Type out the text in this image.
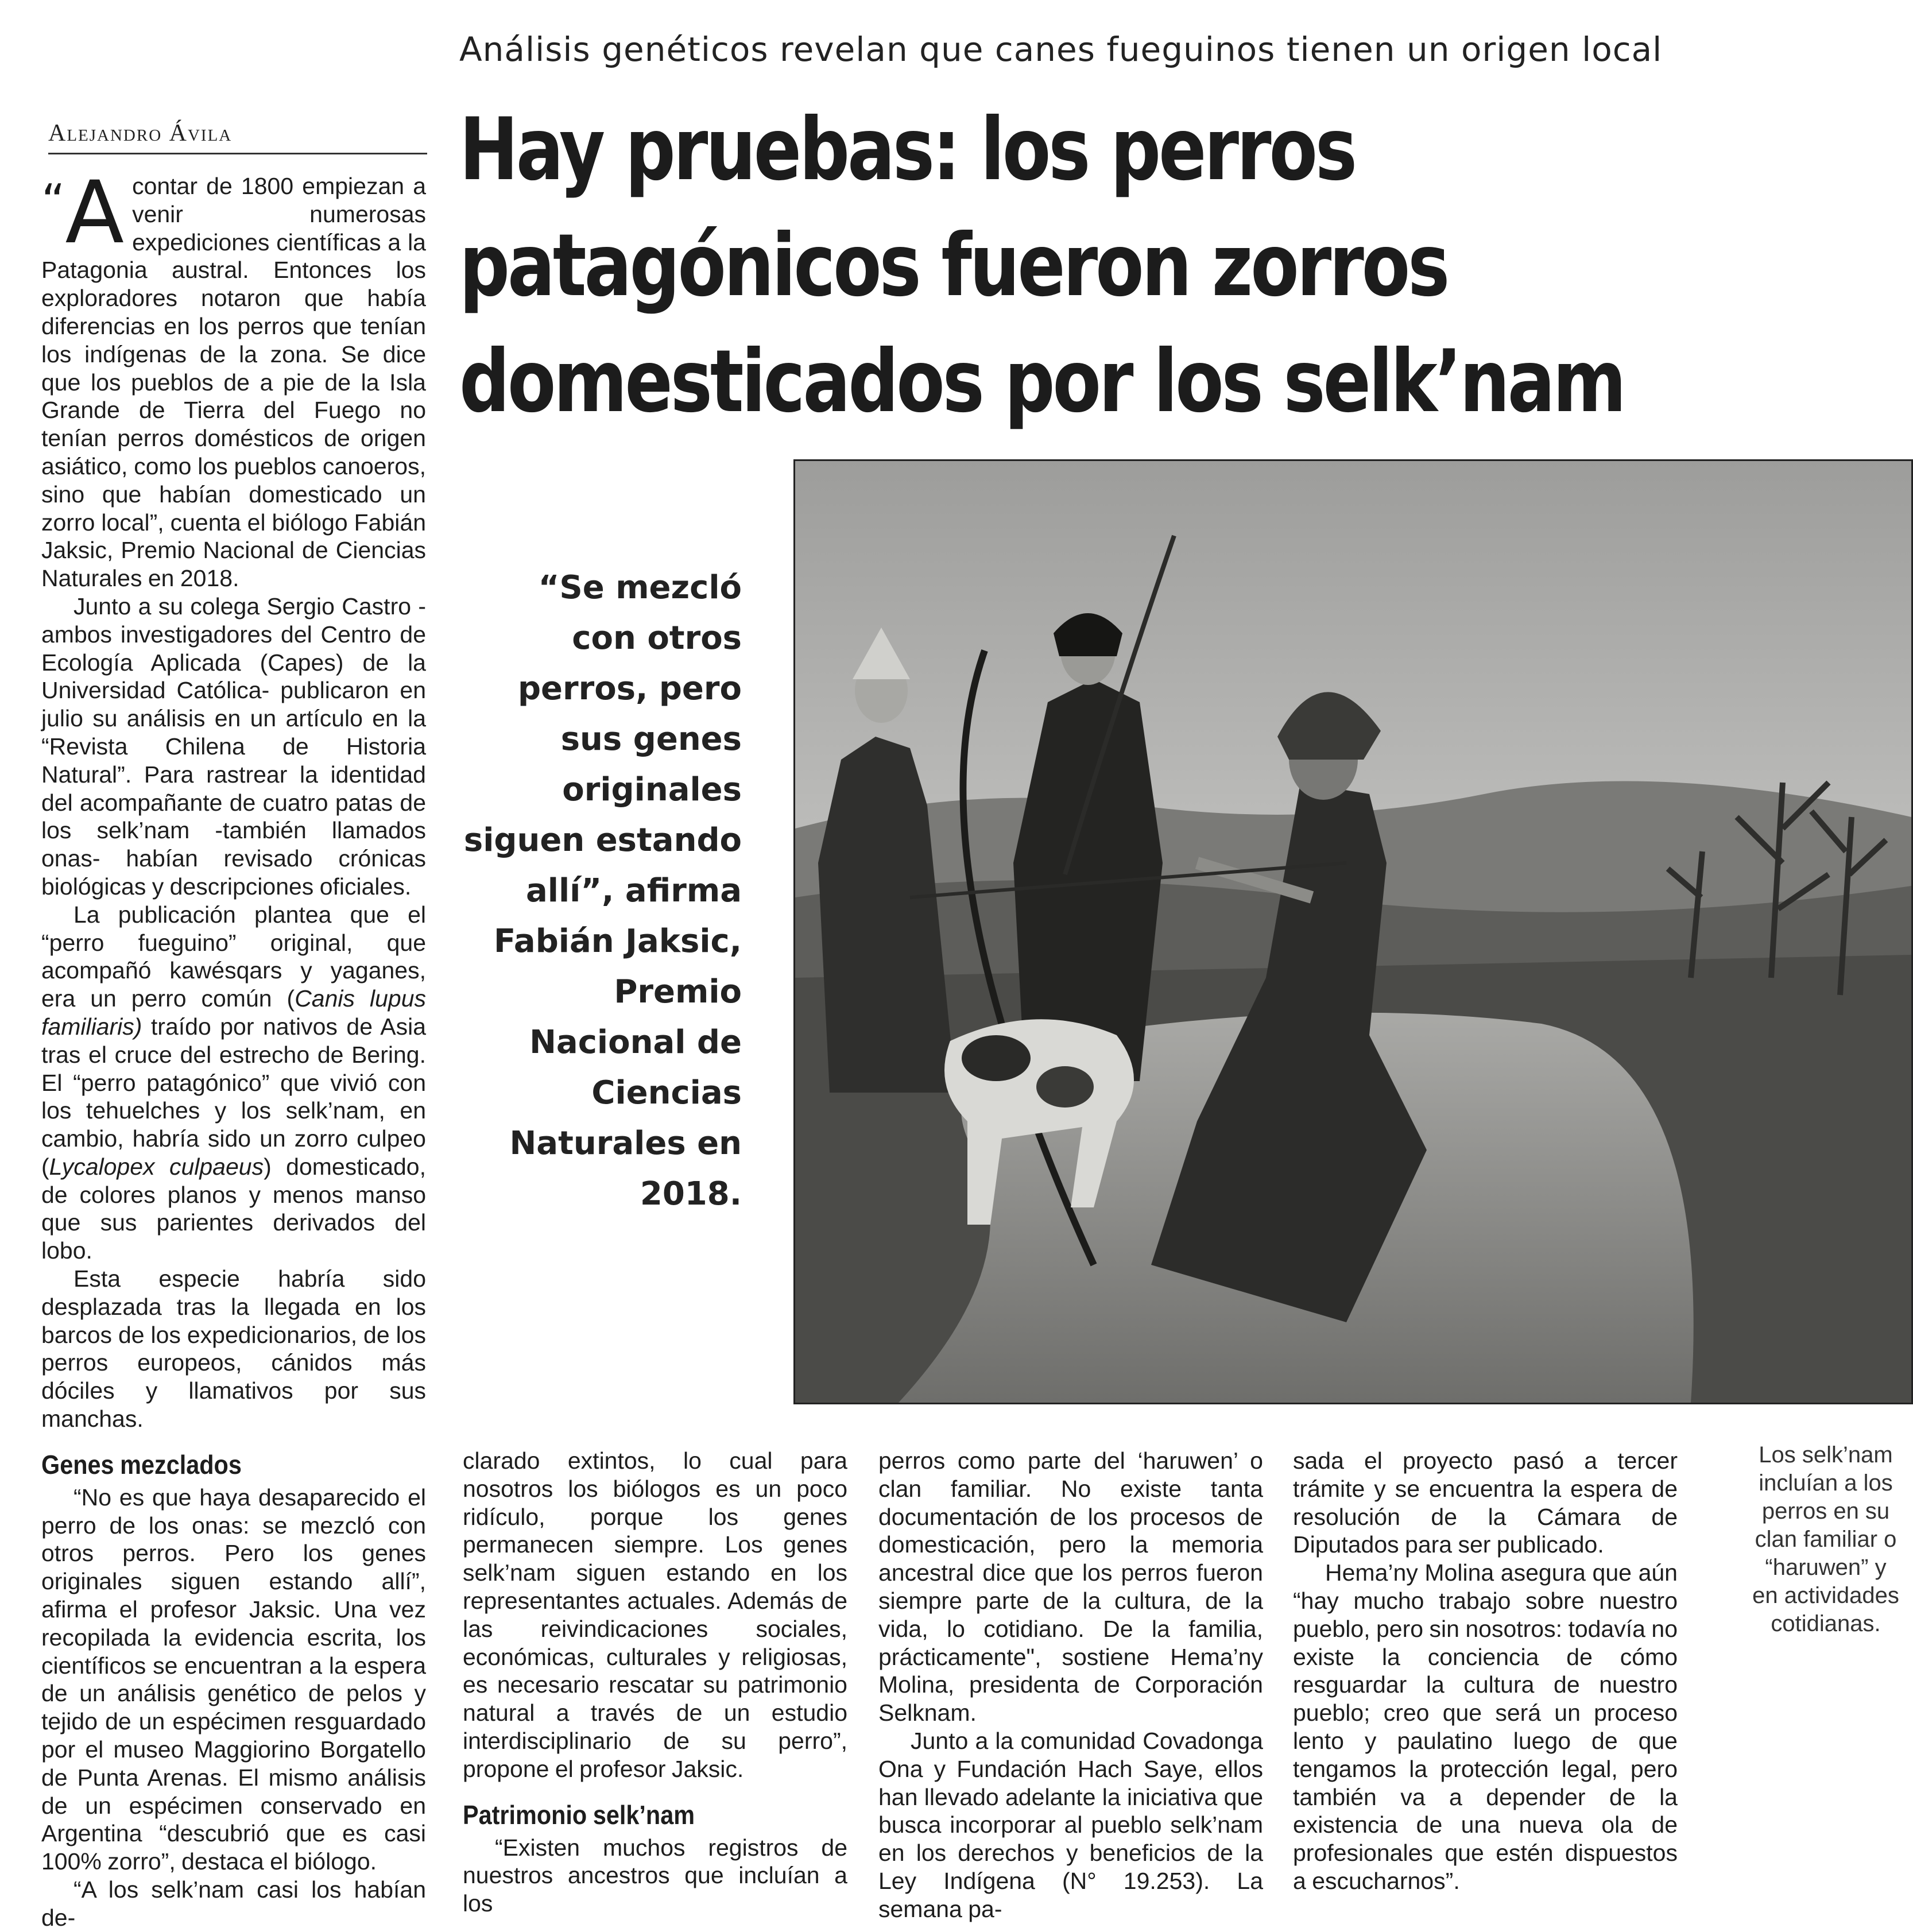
Análisis genéticos revelan que canes fueguinos tienen un origen local
Hay pruebas: los perros
patagónicos fueron zorros
domesticados por los selk’nam
Alejandro Ávila

“A contar de 1800 empiezan a venir numerosas expediciones científicas a la Patagonia austral. Entonces los exploradores notaron que había diferencias en los perros que tenían los indígenas de la zona. Se dice que los pueblos de a pie de la Isla Grande de Tierra del Fuego no tenían perros domésticos de origen asiático, como los pueblos canoeros, sino que habían domesticado un zorro local”, cuenta el biólogo Fabián Jaksic, Premio Nacional de Ciencias Naturales en 2018.

Junto a su colega Sergio Castro -ambos investigadores del Centro de Ecología Aplicada (Capes) de la Universidad Católica- publicaron en julio su análisis en un artículo en la “Revista Chilena de Historia Natural”. Para rastrear la identidad del acompañante de cuatro patas de los selk’nam -también llamados onas- habían revisado crónicas biológicas y descripciones oficiales.

La publicación plantea que el “perro fueguino” original, que acompañó kawésqars y yaganes, era un perro común (Canis lupus familiaris) traído por nativos de Asia tras el cruce del estrecho de Bering. El “perro patagónico” que vivió con los tehuelches y los selk’nam, en cambio, habría sido un zorro culpeo (Lycalopex culpaeus) domesticado, de colores planos y menos manso que sus parientes derivados del lobo.

Esta especie habría sido desplazada tras la llegada en los barcos de los expedicionarios, de los perros europeos, cánidos más dóciles y llamativos por sus manchas.

Genes mezclados

“No es que haya desaparecido el perro de los onas: se mezcló con otros perros. Pero los genes originales siguen estando allí”, afirma el profesor Jaksic. Una vez recopilada la evidencia escrita, los científicos se encuentran a la espera de un análisis genético de pelos y tejido de un espécimen resguardado por el museo Maggiorino Borgatello de Punta Arenas. El mismo análisis de un espécimen conservado en Argentina “descubrió que es casi 100% zorro”, destaca el biólogo.

“A los selk’nam casi los habían de-

“Se mezcló
con otros
perros, pero
sus genes
originales
siguen estando
allí”, afirma
Fabián Jaksic,
Premio
Nacional de
Ciencias
Naturales en
2018.

clarado extintos, lo cual para nosotros los biólogos es un poco ridículo, porque los genes permanecen siempre. Los genes selk’nam siguen estando en los representantes actuales. Además de las reivindicaciones sociales, económicas, culturales y religiosas, es necesario rescatar su patrimonio natural a través de un estudio interdisciplinario de su perro”, propone el profesor Jaksic.

Patrimonio selk’nam

“Existen muchos registros de nuestros ancestros que incluían a los

perros como parte del ‘haruwen’ o clan familiar. No existe tanta documentación de los procesos de domesticación, pero la memoria ancestral dice que los perros fueron siempre parte de la cultura, de la vida, lo cotidiano. De la familia, prácticamente", sostiene Hema’ny Molina, presidenta de Corporación Selknam.

Junto a la comunidad Covadonga Ona y Fundación Hach Saye, ellos han llevado adelante la iniciativa que busca incorporar al pueblo selk’nam en los derechos y beneficios de la Ley Indígena (N° 19.253). La semana pa-

sada el proyecto pasó a tercer trámite y se encuentra la espera de resolución de la Cámara de Diputados para ser publicado.

Hema’ny Molina asegura que aún “hay mucho trabajo sobre nuestro pueblo, pero sin nosotros: todavía no existe la conciencia de cómo resguardar la cultura de nuestro pueblo; creo que será un proceso lento y paulatino luego de que tengamos la protección legal, pero también va a depender de la existencia de una nueva ola de profesionales que estén dispuestos a escucharnos”.

Los selk’nam
incluían a los
perros en su
clan familiar o
“haruwen” y
en actividades
cotidianas.
